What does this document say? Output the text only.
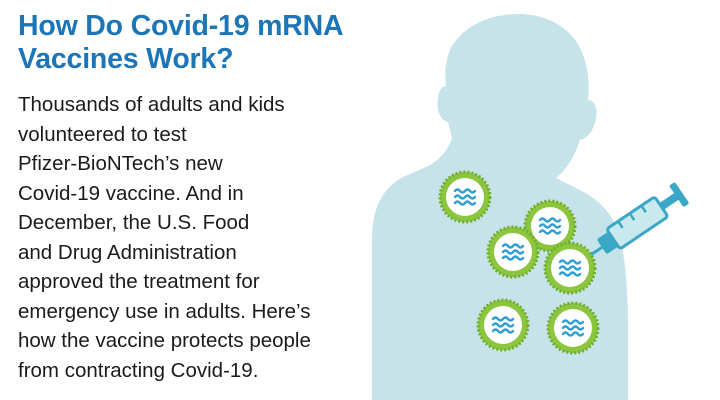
How Do Covid-19 mRNA
Vaccines Work?

Thousands of adults and kids
volunteered to test
Pfizer-BioNTech’s new
Covid-19 vaccine. And in
December, the U.S. Food
and Drug Administration
approved the treatment for
emergency use in adults. Here’s
how the vaccine protects people
from contracting Covid-19.
